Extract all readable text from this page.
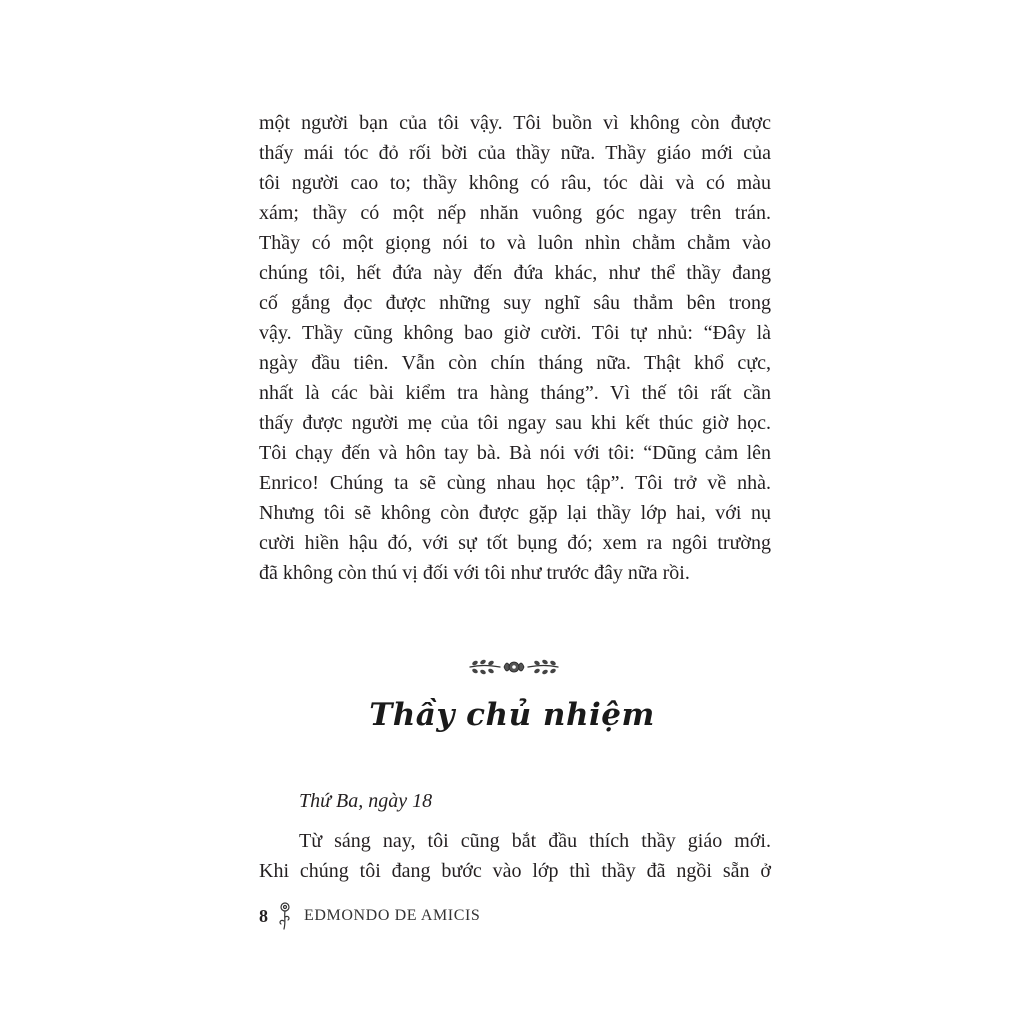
một người bạn của tôi vậy. Tôi buồn vì không còn được
thấy mái tóc đỏ rối bời của thầy nữa. Thầy giáo mới của
tôi người cao to; thầy không có râu, tóc dài và có màu
xám; thầy có một nếp nhăn vuông góc ngay trên trán.
Thầy có một giọng nói to và luôn nhìn chằm chằm vào
chúng tôi, hết đứa này đến đứa khác, như thể thầy đang
cố gắng đọc được những suy nghĩ sâu thẳm bên trong
vậy. Thầy cũng không bao giờ cười. Tôi tự nhủ: “Đây là
ngày đầu tiên. Vẫn còn chín tháng nữa. Thật khổ cực,
nhất là các bài kiểm tra hàng tháng”. Vì thế tôi rất cần
thấy được người mẹ của tôi ngay sau khi kết thúc giờ học.
Tôi chạy đến và hôn tay bà. Bà nói với tôi: “Dũng cảm lên
Enrico! Chúng ta sẽ cùng nhau học tập”. Tôi trở về nhà.
Nhưng tôi sẽ không còn được gặp lại thầy lớp hai, với nụ
cười hiền hậu đó, với sự tốt bụng đó; xem ra ngôi trường
đã không còn thú vị đối với tôi như trước đây nữa rồi.
Thầy chủ nhiệm
Thứ Ba, ngày 18
Từ sáng nay, tôi cũng bắt đầu thích thầy giáo mới.
Khi chúng tôi đang bước vào lớp thì thầy đã ngồi sẵn ở
8 EDMONDO DE AMICIS
